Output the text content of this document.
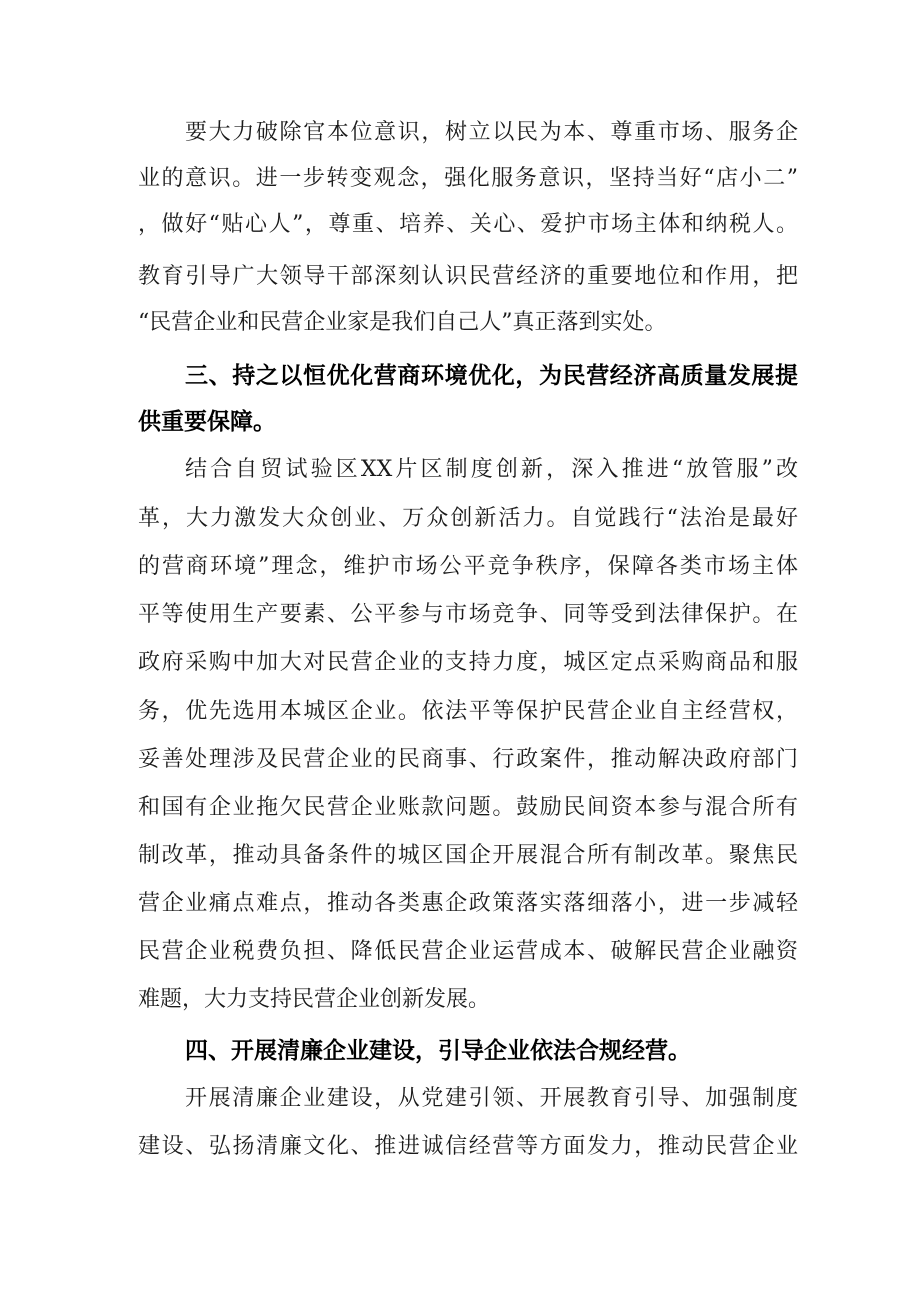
要大力破除官本位意识，树立以民为本、尊重市场、服务企
业的意识。进一步转变观念，强化服务意识，坚持当好“店小二”
，做好“贴心人”，尊重、培养、关心、爱护市场主体和纳税人。
教育引导广大领导干部深刻认识民营经济的重要地位和作用，把
“民营企业和民营企业家是我们自己人”真正落到实处。
三、持之以恒优化营商环境优化，为民营经济高质量发展提
供重要保障。
结合自贸试验区XX片区制度创新，深入推进“放管服”改
革，大力激发大众创业、万众创新活力。自觉践行“法治是最好
的营商环境”理念，维护市场公平竞争秩序，保障各类市场主体
平等使用生产要素、公平参与市场竞争、同等受到法律保护。在
政府采购中加大对民营企业的支持力度，城区定点采购商品和服
务，优先选用本城区企业。依法平等保护民营企业自主经营权，
妥善处理涉及民营企业的民商事、行政案件，推动解决政府部门
和国有企业拖欠民营企业账款问题。鼓励民间资本参与混合所有
制改革，推动具备条件的城区国企开展混合所有制改革。聚焦民
营企业痛点难点，推动各类惠企政策落实落细落小，进一步减轻
民营企业税费负担、降低民营企业运营成本、破解民营企业融资
难题，大力支持民营企业创新发展。
四、开展清廉企业建设，引导企业依法合规经营。
开展清廉企业建设，从党建引领、开展教育引导、加强制度
建设、弘扬清廉文化、推进诚信经营等方面发力，推动民营企业
